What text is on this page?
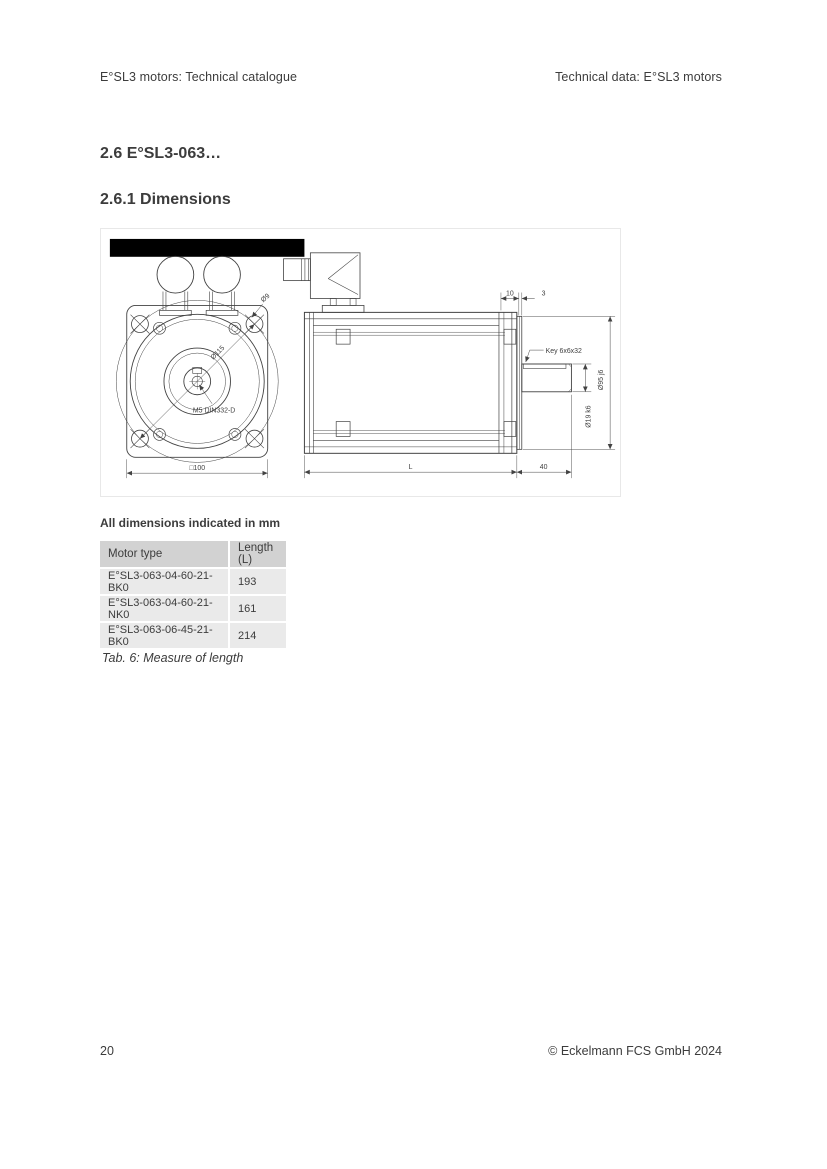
E°SL3 motors: Technical catalogue	Technical data: E°SL3 motors
2.6 E°SL3-063…
2.6.1 Dimensions
Ø115
Ø9
M5 DIN332-D
□100
10	3
Key 6x6x32
Ø95 j6
Ø19 k6
L	40
All dimensions indicated in mm
Motor type	Length (L)
E°SL3-063-04-60-21-BK0	193
E°SL3-063-04-60-21-NK0	161
E°SL3-063-06-45-21-BK0	214
Tab. 6: Measure of length
20	© Eckelmann FCS GmbH 2024
